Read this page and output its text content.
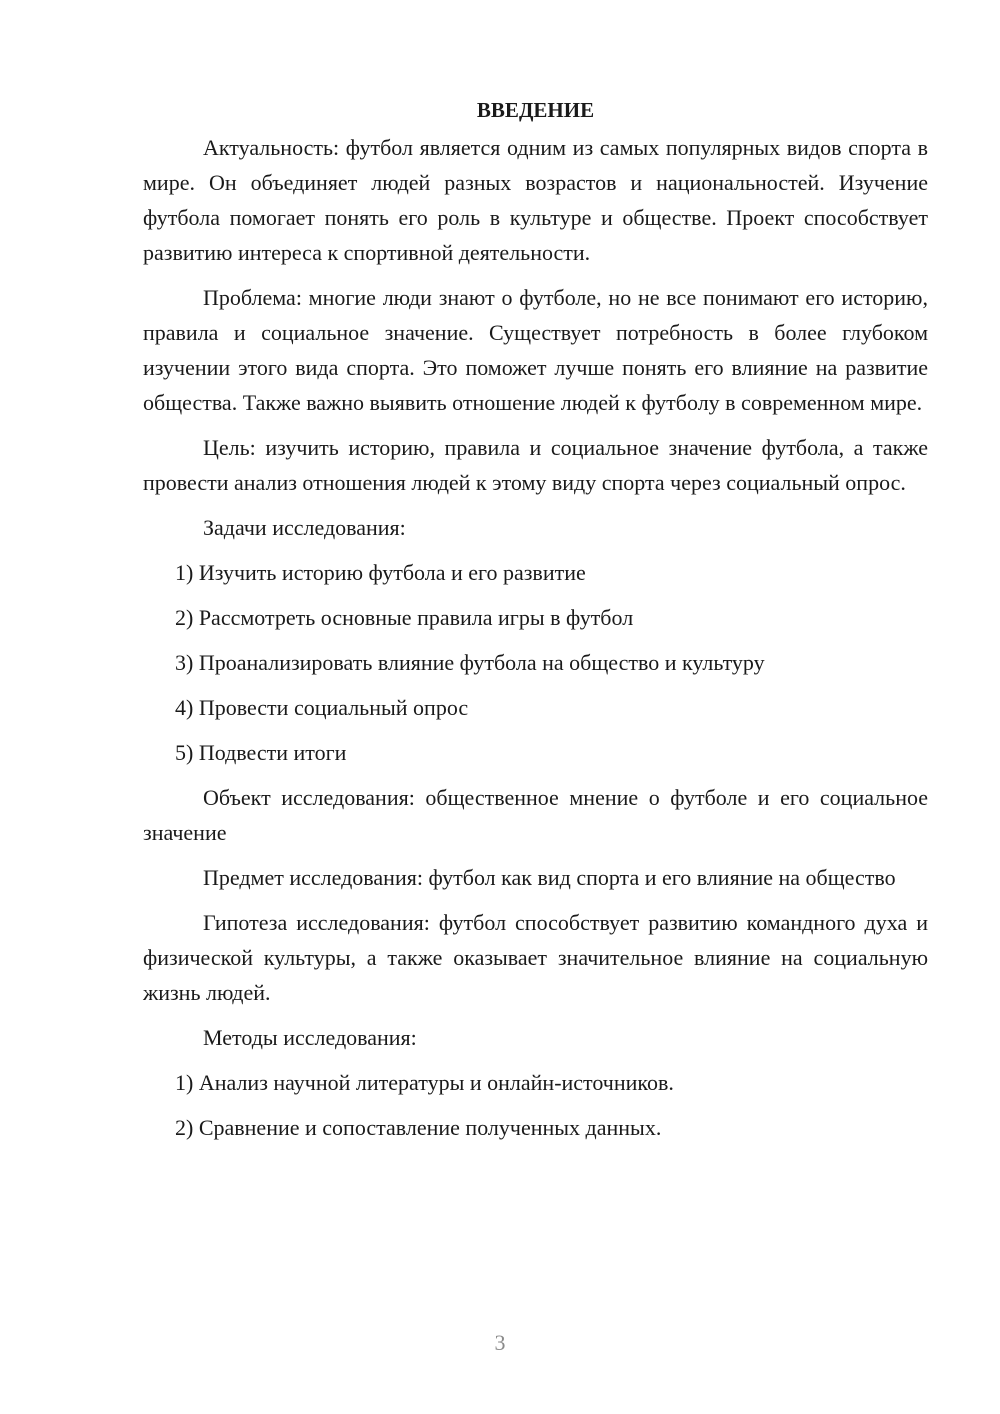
ВВЕДЕНИЕ

Актуальность: футбол является одним из самых популярных видов спорта в мире. Он объединяет людей разных возрастов и национальностей. Изучение футбола помогает понять его роль в культуре и обществе. Проект способствует развитию интереса к спортивной деятельности.

Проблема: многие люди знают о футболе, но не все понимают его историю, правила и социальное значение. Существует потребность в более глубоком изучении этого вида спорта. Это поможет лучше понять его влияние на развитие общества. Также важно выявить отношение людей к футболу в современном мире.

Цель: изучить историю, правила и социальное значение футбола, а также провести анализ отношения людей к этому виду спорта через социальный опрос.

Задачи исследования:

1) Изучить историю футбола и его развитие
2) Рассмотреть основные правила игры в футбол
3) Проанализировать влияние футбола на общество и культуру
4) Провести социальный опрос
5) Подвести итоги

Объект исследования: общественное мнение о футболе и его социальное значение

Предмет исследования: футбол как вид спорта и его влияние на общество

Гипотеза исследования: футбол способствует развитию командного духа и физической культуры, а также оказывает значительное влияние на социальную жизнь людей.

Методы исследования:

1) Анализ научной литературы и онлайн-источников.
2) Сравнение и сопоставление полученных данных.
3
